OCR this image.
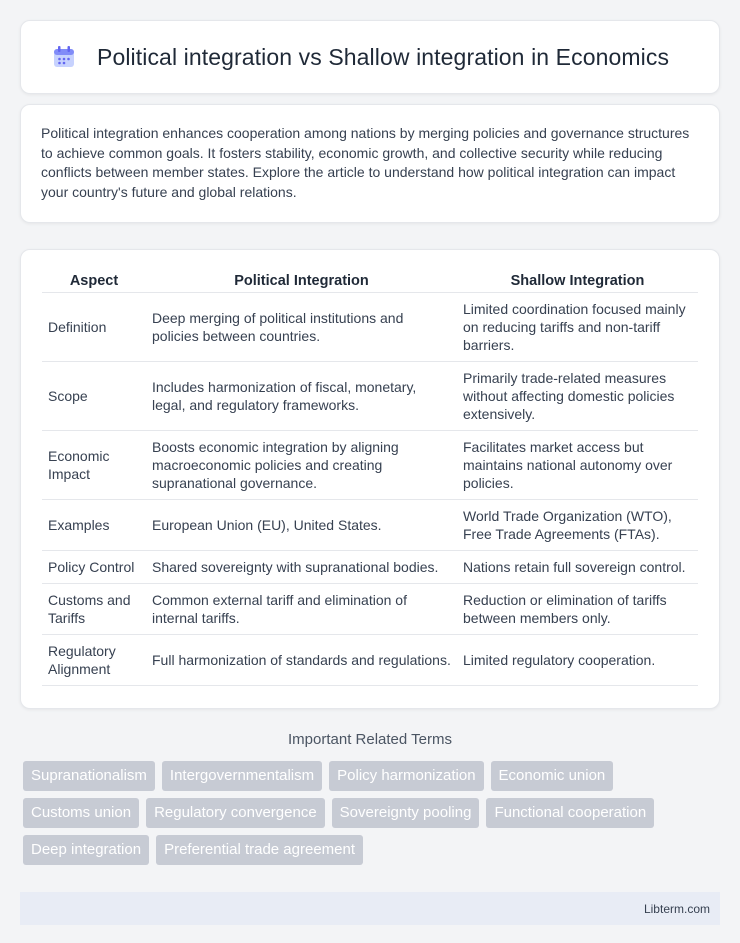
Political integration vs Shallow integration in Economics

Political integration enhances cooperation among nations by merging policies and governance structures to achieve common goals. It fosters stability, economic growth, and collective security while reducing conflicts between member states. Explore the article to understand how political integration can impact your country's future and global relations.

Aspect	Political Integration	Shallow Integration
Definition	Deep merging of political institutions and policies between countries.	Limited coordination focused mainly on reducing tariffs and non-tariff barriers.
Scope	Includes harmonization of fiscal, monetary, legal, and regulatory frameworks.	Primarily trade-related measures without affecting domestic policies extensively.
Economic Impact	Boosts economic integration by aligning macroeconomic policies and creating supranational governance.	Facilitates market access but maintains national autonomy over policies.
Examples	European Union (EU), United States.	World Trade Organization (WTO), Free Trade Agreements (FTAs).
Policy Control	Shared sovereignty with supranational bodies.	Nations retain full sovereign control.
Customs and Tariffs	Common external tariff and elimination of internal tariffs.	Reduction or elimination of tariffs between members only.
Regulatory Alignment	Full harmonization of standards and regulations.	Limited regulatory cooperation.
Important Related Terms
Supranationalism	Intergovernmentalism	Policy harmonization	Economic union
Customs union	Regulatory convergence	Sovereignty pooling	Functional cooperation
Deep integration	Preferential trade agreement
Libterm.com
